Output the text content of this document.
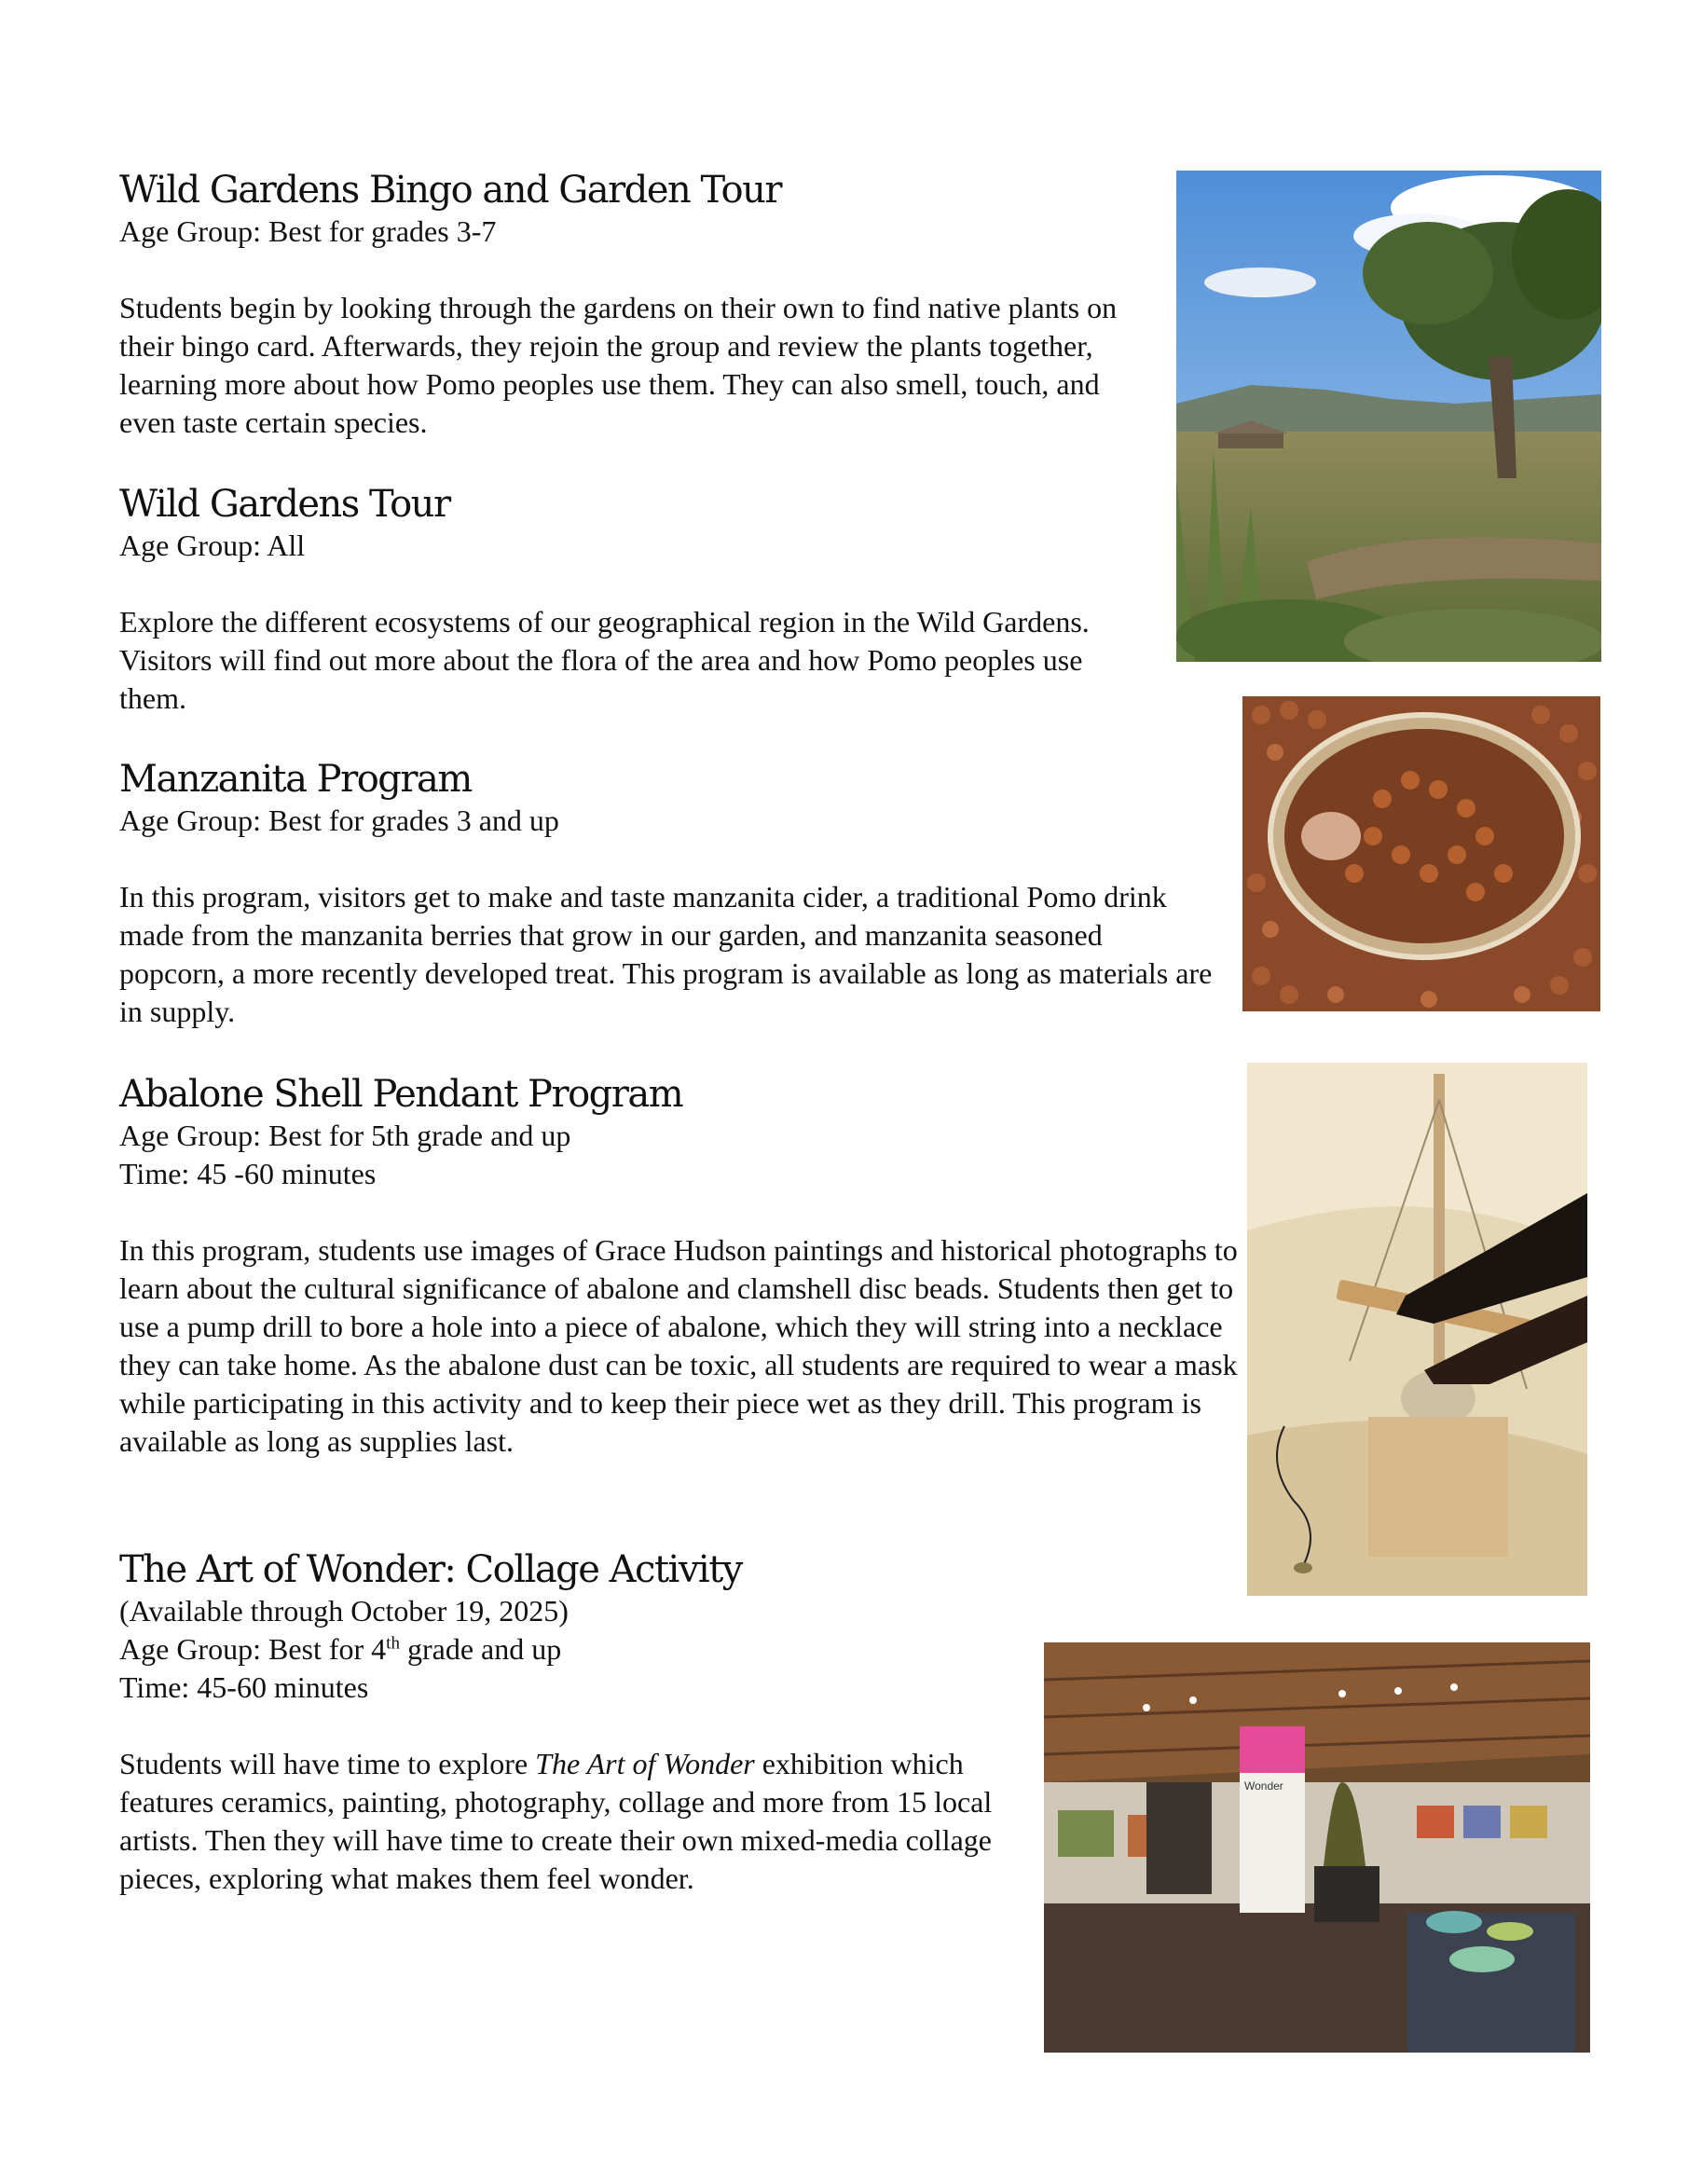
Wild Gardens Bingo and Garden Tour

Age Group: Best for grades 3-7

Students begin by looking through the gardens on their own to find native plants on their bingo card. Afterwards, they rejoin the group and review the plants together, learning more about how Pomo peoples use them. They can also smell, touch, and even taste certain species.

Wild Gardens Tour

Age Group: All

Explore the different ecosystems of our geographical region in the Wild Gardens. Visitors will find out more about the flora of the area and how Pomo peoples use them.

Manzanita Program

Age Group: Best for grades 3 and up

In this program, visitors get to make and taste manzanita cider, a traditional Pomo drink made from the manzanita berries that grow in our garden, and manzanita seasoned popcorn, a more recently developed treat. This program is available as long as materials are in supply.

Abalone Shell Pendant Program

Age Group: Best for 5th grade and up

Time: 45 -60 minutes

In this program, students use images of Grace Hudson paintings and historical photographs to learn about the cultural significance of abalone and clamshell disc beads. Students then get to use a pump drill to bore a hole into a piece of abalone, which they will string into a necklace they can take home. As the abalone dust can be toxic, all students are required to wear a mask while participating in this activity and to keep their piece wet as they drill. This program is available as long as supplies last.

The Art of Wonder: Collage Activity

(Available through October 19, 2025)

Age Group: Best for 4th grade and up

Time: 45-60 minutes

Students will have time to explore The Art of Wonder exhibition which features ceramics, painting, photography, collage and more from 15 local artists. Then they will have time to create their own mixed-media collage pieces, exploring what makes them feel wonder.

Wonder
